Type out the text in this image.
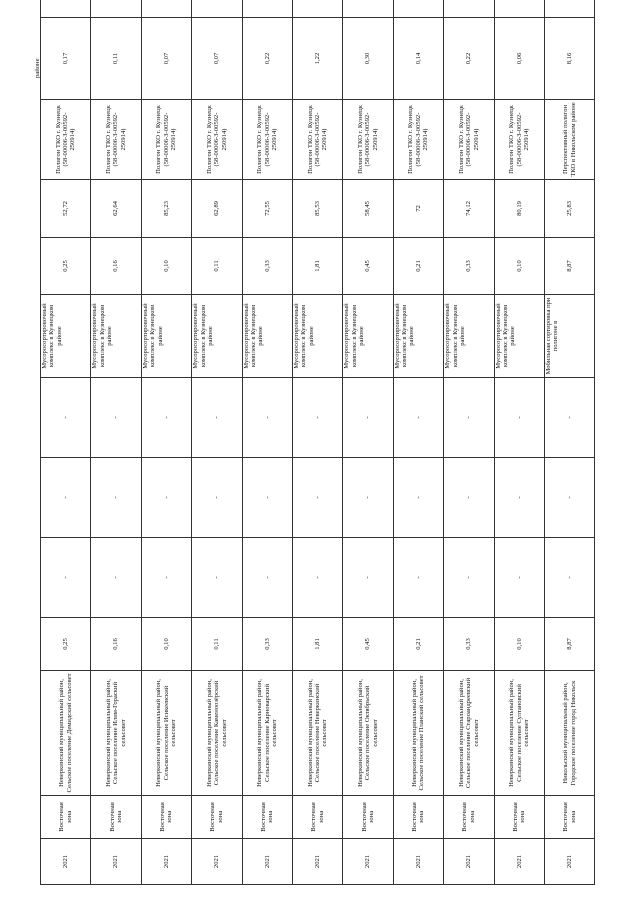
районе
2021	Восточная зона	Неверкинский муниципальный район, Сельское поселение Демидский сельсовет	0,25	-	-	-	Мусоросортировочный комплекс в Кузнецком районе	0,25	52,72	Полигон ТКО г. Кузнецк (58-00006-З-00592-250914)	0,17	
2021	Восточная зона	Неверкинский муниципальный район, Сельское поселение Илим-Гора́ский сельсовет	0,16	-	-	-	Мусоросортировочный комплекс в Кузнецком районе	0,16	62,64	Полигон ТКО г. Кузнецк (58-00006-З-00592-250914)	0,11	
2021	Восточная зона	Неверкинский муниципальный район, Сельское поселение Исикеевский сельсовет	0,10	-	-	-	Мусоросортировочный комплекс в Кузнецком районе	0,10	85,23	Полигон ТКО г. Кузнецк (58-00006-З-00592-250914)	0,07	
2021	Восточная зона	Неверкинский муниципальный район, Сельское поселение Каменоозёрский сельсовет	0,11	-	-	-	Мусоросортировочный комплекс в Кузнецком районе	0,11	62,89	Полигон ТКО г. Кузнецк (58-00006-З-00592-250914)	0,07	
2021	Восточная зона	Неверкинский муниципальный район, Сельское поселение Карноварский сельсовет	0,33	-	-	-	Мусоросортировочный комплекс в Кузнецком районе	0,33	72,55	Полигон ТКО г. Кузнецк (58-00006-З-00592-250914)	0,22	
2021	Восточная зона	Неверкинский муниципальный район, Сельское поселение Неверкинский сельсовет	1,81	-	-	-	Мусоросортировочный комплекс в Кузнецком районе	1,81	85,53	Полигон ТКО г. Кузнецк (58-00006-З-00592-250914)	1,22	
2021	Восточная зона	Неверкинский муниципальный район, Сельское поселение Октябрьский сельсовет	0,45	-	-	-	Мусоросортировочный комплекс в Кузнецком районе	0,45	58,45	Полигон ТКО г. Кузнецк (58-00006-З-00592-250914)	0,30	
2021	Восточная зона	Неверкинский муниципальный район, Сельское поселение Планский сельсовет	0,21	-	-	-	Мусоросортировочный комплекс в Кузнецком районе	0,21	72	Полигон ТКО г. Кузнецк (58-00006-З-00592-250914)	0,14	
2021	Восточная зона	Неверкинский муниципальный район, Сельское поселение Староандреевский сельсовет	0,33	-	-	-	Мусоросортировочный комплекс в Кузнецком районе	0,33	74,12	Полигон ТКО г. Кузнецк (58-00006-З-00592-250914)	0,22	
2021	Восточная зона	Неверкинский муниципальный район, Сельское поселение Султановский сельсовет	0,10	-	-	-	Мусоросортировочный комплекс в Кузнецком районе	0,10	80,19	Полигон ТКО г. Кузнецк (58-00006-З-00592-250914)	0,06	
2021	Восточная зона	Никольский муниципальный район, Городское поселение город Никольск	8,87	-	-	-	Мобильная сортировка при полигоне в	8,87	25,83	Перспективный полигон ТКО в Никольском районе	8,16	
